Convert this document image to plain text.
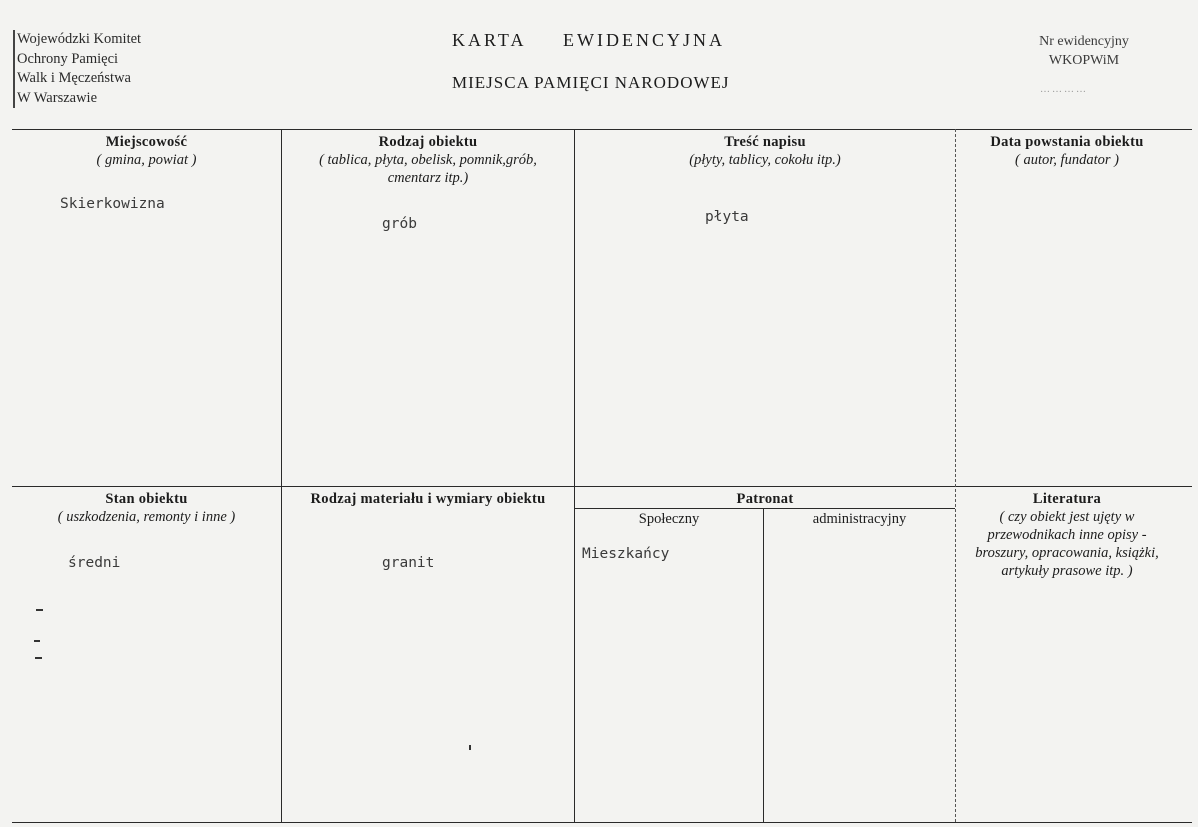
Wojewódzki Komitet
Ochrony Pamięci
Walk i Męczeństwa
W Warszawie
KARTA EWIDENCYJNA
MIEJSCA PAMIĘCI NARODOWEJ
Nr ewidencyjny
WKOPWiM
…………
Miejscowość
( gmina, powiat )
Skierkowizna
Rodzaj obiektu
( tablica, płyta, obelisk, pomnik,grób,
cmentarz itp.)
grób
Treść napisu
(płyty, tablicy, cokołu itp.)
płyta
Data powstania obiektu
( autor, fundator )
Stan obiektu
( uszkodzenia, remonty i inne )
średni
Rodzaj materiału i wymiary obiektu
granit
Patronat
Społeczny	administracyjny
Mieszkańcy
Literatura
( czy obiekt jest ujęty w
przewodnikach inne opisy -
broszury, opracowania, książki,
artykuły prasowe itp. )
